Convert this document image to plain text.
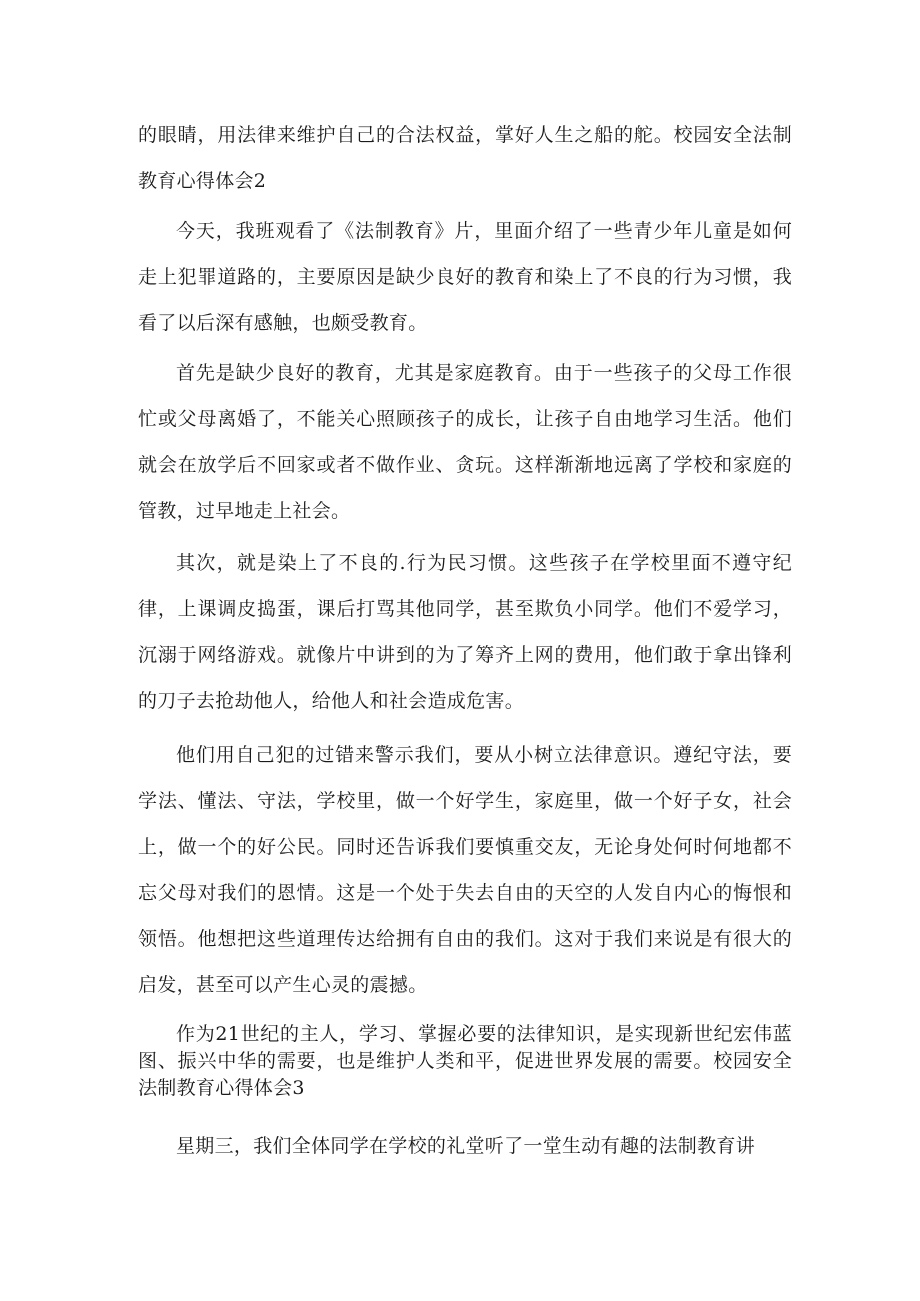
的眼睛，用法律来维护自己的合法权益，掌好人生之船的舵。校园安全法制教育心得体会2

今天，我班观看了《法制教育》片，里面介绍了一些青少年儿童是如何走上犯罪道路的，主要原因是缺少良好的教育和染上了不良的行为习惯，我看了以后深有感触，也颇受教育。

首先是缺少良好的教育，尤其是家庭教育。由于一些孩子的父母工作很忙或父母离婚了，不能关心照顾孩子的成长，让孩子自由地学习生活。他们就会在放学后不回家或者不做作业、贪玩。这样渐渐地远离了学校和家庭的管教，过早地走上社会。

其次，就是染上了不良的.行为民习惯。这些孩子在学校里面不遵守纪律，上课调皮捣蛋，课后打骂其他同学，甚至欺负小同学。他们不爱学习，沉溺于网络游戏。就像片中讲到的为了筹齐上网的费用，他们敢于拿出锋利的刀子去抢劫他人，给他人和社会造成危害。

他们用自己犯的过错来警示我们，要从小树立法律意识。遵纪守法，要学法、懂法、守法，学校里，做一个好学生，家庭里，做一个好子女，社会上，做一个的好公民。同时还告诉我们要慎重交友，无论身处何时何地都不忘父母对我们的恩情。这是一个处于失去自由的天空的人发自内心的悔恨和领悟。他想把这些道理传达给拥有自由的我们。这对于我们来说是有很大的启发，甚至可以产生心灵的震撼。

作为21世纪的主人，学习、掌握必要的法律知识，是实现新世纪宏伟蓝图、振兴中华的需要，也是维护人类和平，促进世界发展的需要。校园安全法制教育心得体会3

星期三，我们全体同学在学校的礼堂听了一堂生动有趣的法制教育讲
